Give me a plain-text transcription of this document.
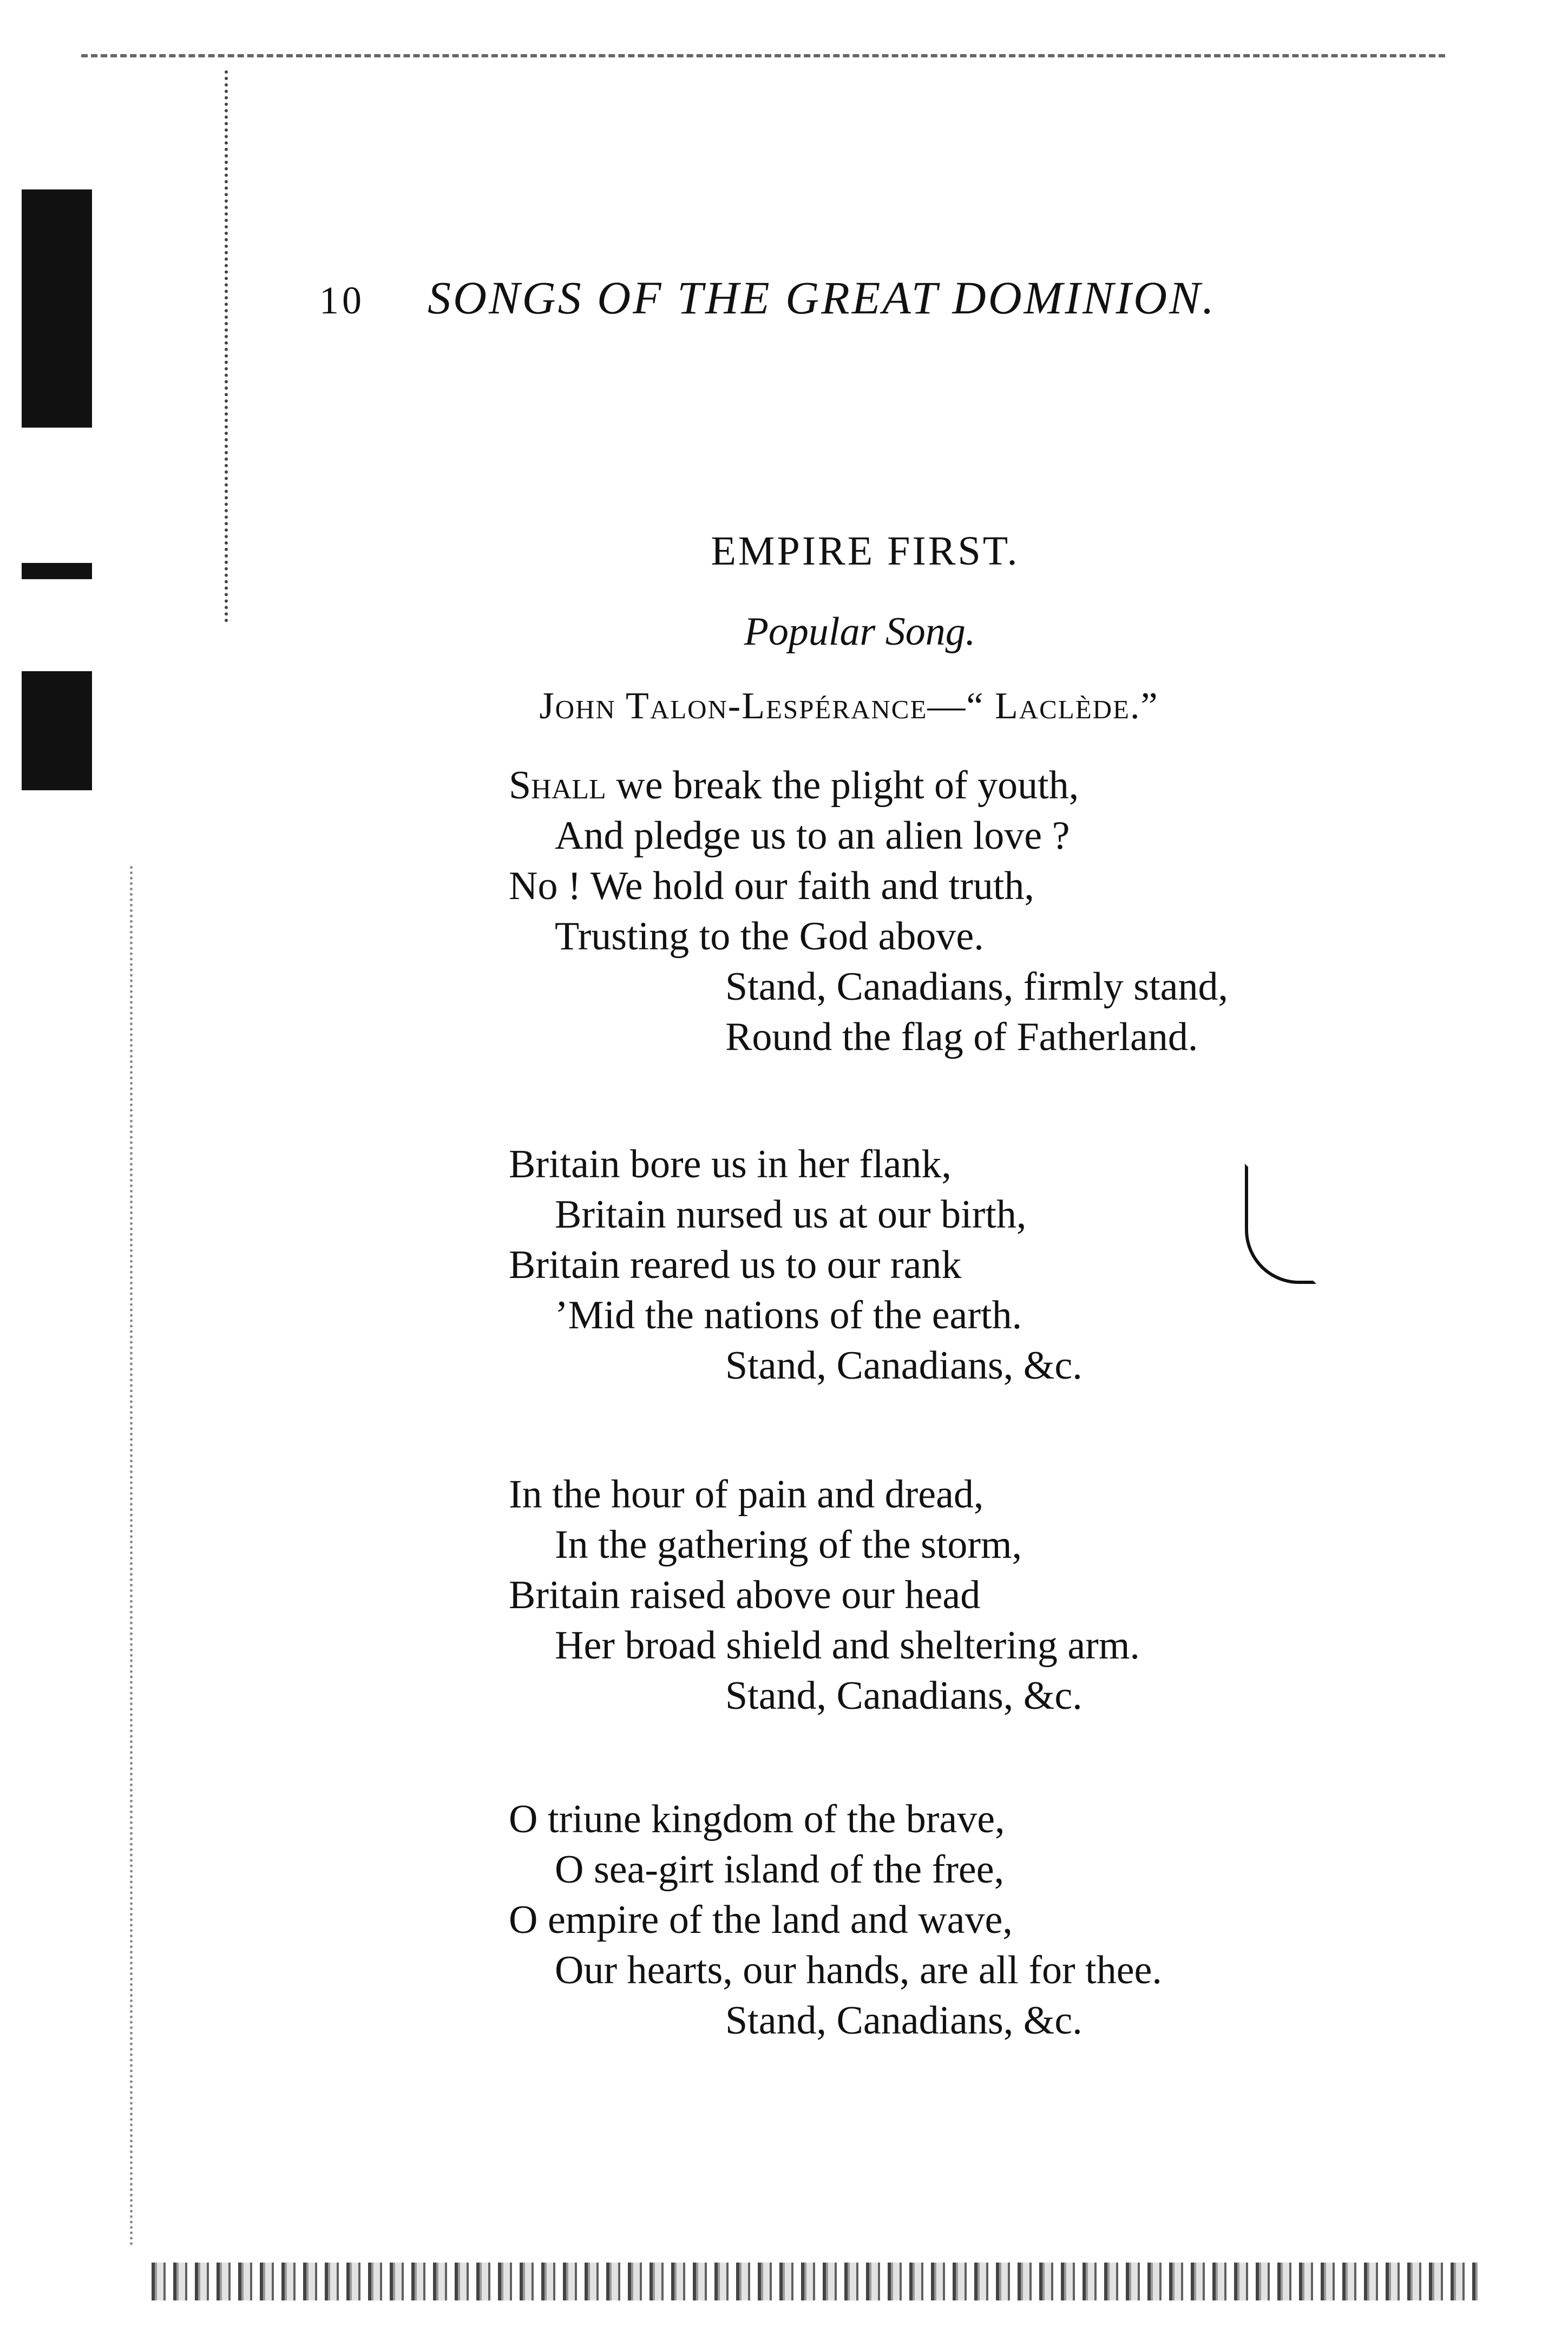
10	SONGS OF THE GREAT DOMINION.
EMPIRE FIRST.
Popular Song.
John Talon-Lespérance—“ Laclède.”
Shall we break the plight of youth,
And pledge us to an alien love ?
No ! We hold our faith and truth,
Trusting to the God above.
Stand, Canadians, firmly stand,
Round the flag of Fatherland.
Britain bore us in her flank,
Britain nursed us at our birth,
Britain reared us to our rank
’Mid the nations of the earth.
Stand, Canadians, &c.
In the hour of pain and dread,
In the gathering of the storm,
Britain raised above our head
Her broad shield and sheltering arm.
Stand, Canadians, &c.
O triune kingdom of the brave,
O sea-girt island of the free,
O empire of the land and wave,
Our hearts, our hands, are all for thee.
Stand, Canadians, &c.
